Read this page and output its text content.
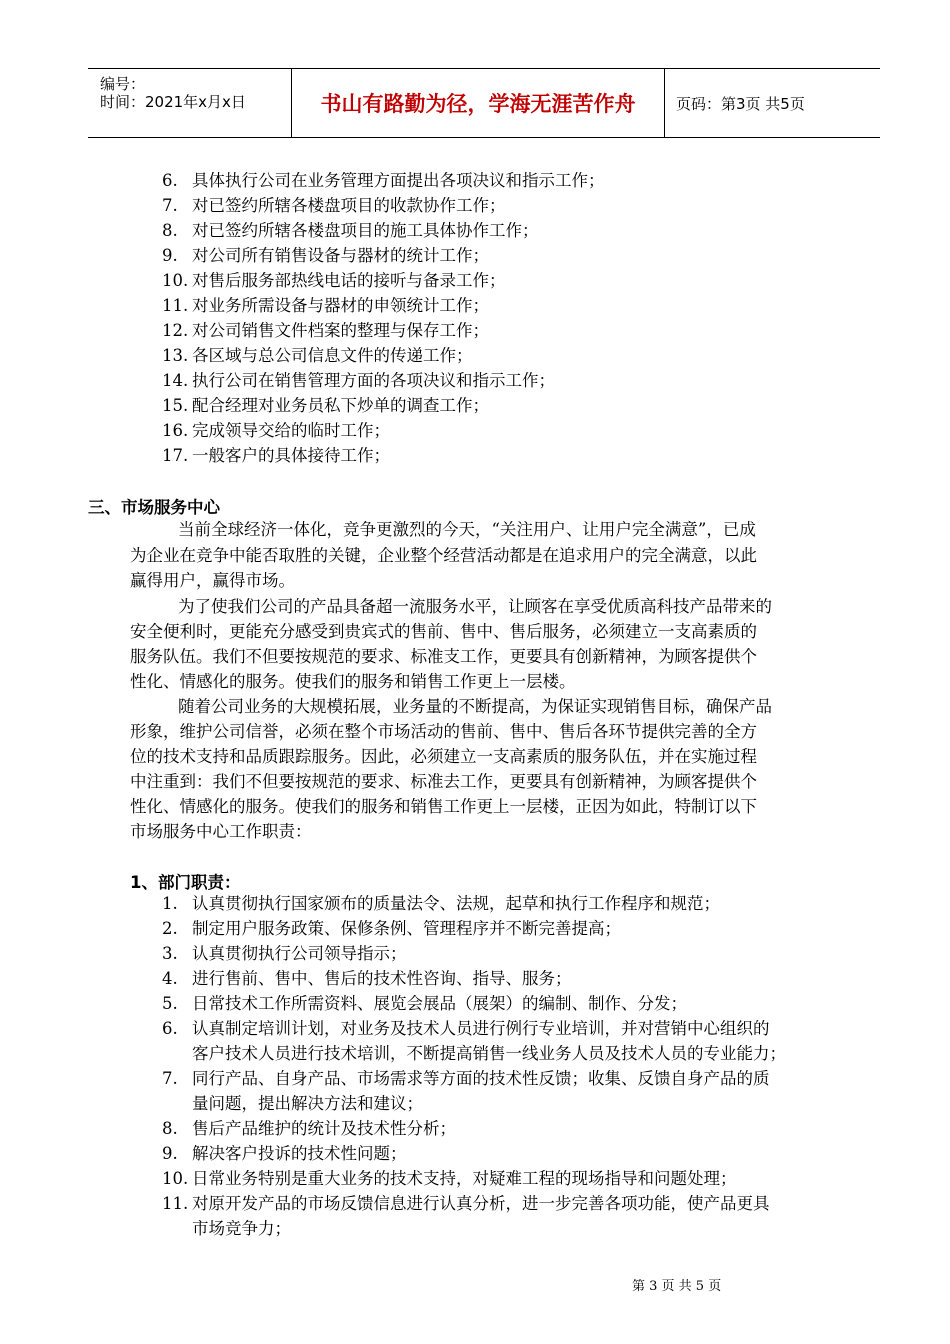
编号：
时间：2021年x月x日	书山有路勤为径，学海无涯苦作舟	页码：第3页 共5页
6. 具体执行公司在业务管理方面提出各项决议和指示工作；
7. 对已签约所辖各楼盘项目的收款协作工作；
8. 对已签约所辖各楼盘项目的施工具体协作工作；
9. 对公司所有销售设备与器材的统计工作；
10. 对售后服务部热线电话的接听与备录工作；
11. 对业务所需设备与器材的申领统计工作；
12. 对公司销售文件档案的整理与保存工作；
13. 各区域与总公司信息文件的传递工作；
14. 执行公司在销售管理方面的各项决议和指示工作；
15. 配合经理对业务员私下炒单的调查工作；
16. 完成领导交给的临时工作；
17. 一般客户的具体接待工作；
三、市场服务中心
当前全球经济一体化，竞争更激烈的今天，“关注用户、让用户完全满意”，已成
为企业在竞争中能否取胜的关键，企业整个经营活动都是在追求用户的完全满意，以此
赢得用户，赢得市场。
为了使我们公司的产品具备超一流服务水平，让顾客在享受优质高科技产品带来的
安全便利时，更能充分感受到贵宾式的售前、售中、售后服务，必须建立一支高素质的
服务队伍。我们不但要按规范的要求、标准支工作，更要具有创新精神，为顾客提供个
性化、情感化的服务。使我们的服务和销售工作更上一层楼。
随着公司业务的大规模拓展，业务量的不断提高，为保证实现销售目标，确保产品
形象，维护公司信誉，必须在整个市场活动的售前、售中、售后各环节提供完善的全方
位的技术支持和品质跟踪服务。因此，必须建立一支高素质的服务队伍，并在实施过程
中注重到：我们不但要按规范的要求、标准去工作，更要具有创新精神，为顾客提供个
性化、情感化的服务。使我们的服务和销售工作更上一层楼，正因为如此，特制订以下
市场服务中心工作职责：
1、部门职责：
1. 认真贯彻执行国家颁布的质量法令、法规，起草和执行工作程序和规范；
2. 制定用户服务政策、保修条例、管理程序并不断完善提高；
3. 认真贯彻执行公司领导指示；
4. 进行售前、售中、售后的技术性咨询、指导、服务；
5. 日常技术工作所需资料、展览会展品（展架）的编制、制作、分发；
6. 认真制定培训计划，对业务及技术人员进行例行专业培训，并对营销中心组织的
客户技术人员进行技术培训，不断提高销售一线业务人员及技术人员的专业能力；
7. 同行产品、自身产品、市场需求等方面的技术性反馈；收集、反馈自身产品的质
量问题，提出解决方法和建议；
8. 售后产品维护的统计及技术性分析；
9. 解决客户投诉的技术性问题；
10. 日常业务特别是重大业务的技术支持，对疑难工程的现场指导和问题处理；
11. 对原开发产品的市场反馈信息进行认真分析，进一步完善各项功能，使产品更具
市场竞争力；
第 3 页 共 5 页
